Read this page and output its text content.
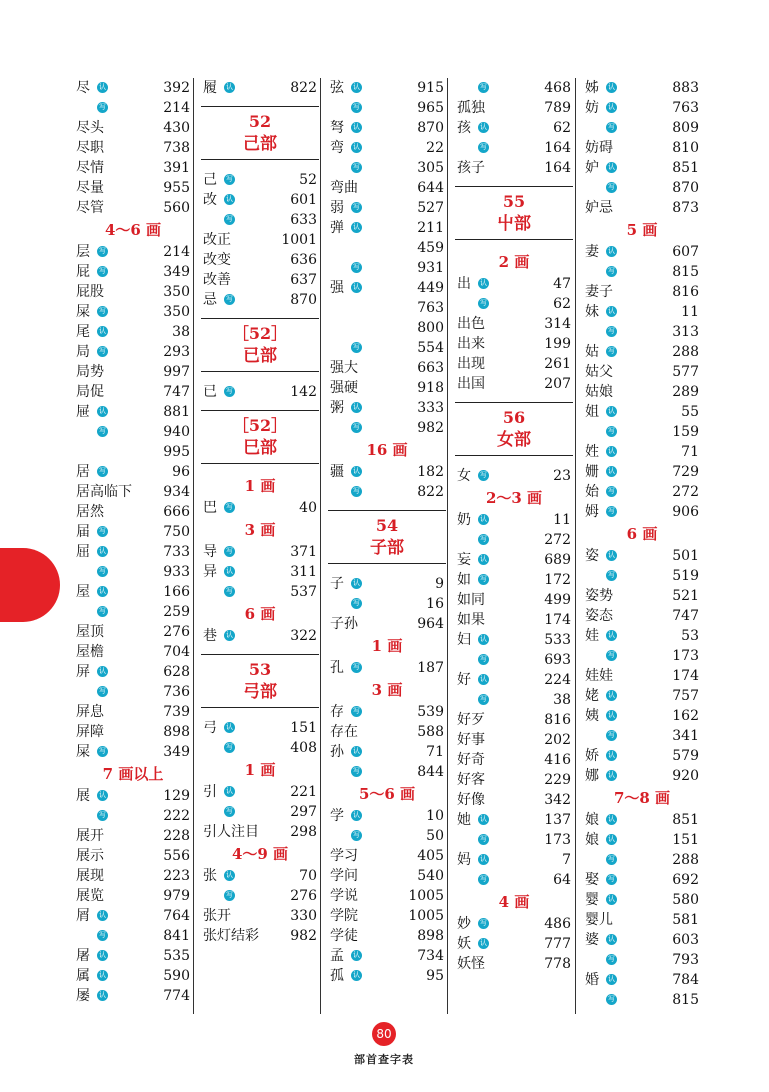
尽 认	392
写	214
尽头	430
尽职	738
尽情	391
尽量	955
尽管	560
4～6 画
层 写	214
屁 写	349
屁股	350
屎 写	350
尾 认	38
局 写	293
局势	997
局促	747
屉 认	881
写	940
995
居 写	96
居高临下 934
居然	666
届 写	750
屈 认	733
写	933
屋 认	166
写	259
屋顶	276
屋檐	704
屏 认	628
写	736
屏息	739
屏障	898
屎 写	349
7 画以上
展 认	129
写	222
展开	228
展示	556
展现	223
展览	979
屑 认	764
写	841
屠 认	535
属 认	590
屡 认	774
履 认	822
52
己部
己 写	52
改 认	601
写	633
改正	1001
改变	636
改善	637
忌 写	870
［52］
已部
已 写	142
［52］
巳部
1 画
巴 写	40
3 画
导 写	371
异 认	311
写	537
6 画
巷 认	322
53
弓部
弓 认	151
写	408
1 画
引 认	221
写	297
引人注目 298
4～9 画
张 认	70
写	276
张开	330
张灯结彩 982
弦 认	915
写	965
弩 认	870
弯 认	22
写	305
弯曲	644
弱 写	527
弹 认	211
459
写	931
强 认	449
763
800
写	554
强大	663
强硬	918
粥 认	333
写	982
16 画
疆 认	182
写	822
54
子部
子 认	9
写	16
子孙	964
1 画
孔 写	187
3 画
存 写	539
存在	588
孙 认	71
写	844
5～6 画
学 认	10
写	50
学习	405
学问	540
学说	1005
学院	1005
学徒	898
孟 认	734
孤 认	95
写	468
孤独	789
孩 认	62
写	164
孩子	164
55
屮部
2 画
出 认	47
写	62
出色	314
出来	199
出现	261
出国	207
56
女部
女 写	23
2～3 画
奶 认	11
写	272
妄 认	689
如 写	172
如同	499
如果	174
妇 认	533
写	693
好 认	224
写	38
好歹	816
好事	202
好奇	416
好客	229
好像	342
她 认	137
写	173
妈 认	7
写	64
4 画
妙 写	486
妖 认	777
妖怪	778
姊 认	883
妨 认	763
写	809
妨碍	810
妒 认	851
写	870
妒忌	873
5 画
妻 认	607
写	815
妻子	816
妹 认	11
写	313
姑 写	288
姑父	577
姑娘	289
姐 认	55
写	159
姓 认	71
姗 认	729
始 写	272
姆 写	906
6 画
姿 认	501
写	519
姿势	521
姿态	747
娃 认	53
写	173
娃娃	174
姥 认	757
姨 认	162
写	341
娇 认	579
娜 认	920
7～8 画
娘 认	851
娘 认	151
写	288
娶 写	692
婴 认	580
婴儿	581
婆 认	603
写	793
婚 认	784
写	815
80
部首查字表
